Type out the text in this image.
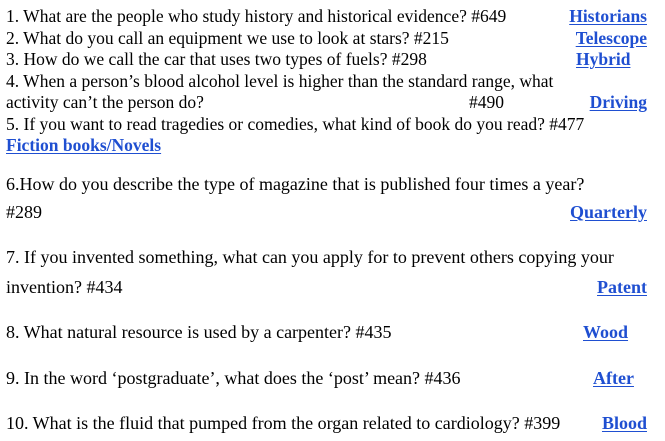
1. What are the people who study history and historical evidence? #649	Historians
2. What do you call an equipment we use to look at stars? #215	Telescope
3. How do we call the car that uses two types of fuels? #298	Hybrid
4. When a person’s blood alcohol level is higher than the standard range, what
activity can’t the person do?	#490	Driving
5. If you want to read tragedies or comedies, what kind of book do you read? #477
Fiction books/Novels
6.How do you describe the type of magazine that is published four times a year?
#289	Quarterly
7. If you invented something, what can you apply for to prevent others copying your
invention? #434	Patent
8. What natural resource is used by a carpenter? #435	Wood
9. In the word ‘postgraduate’, what does the ‘post’ mean? #436	After
10. What is the fluid that pumped from the organ related to cardiology? #399 Blood
